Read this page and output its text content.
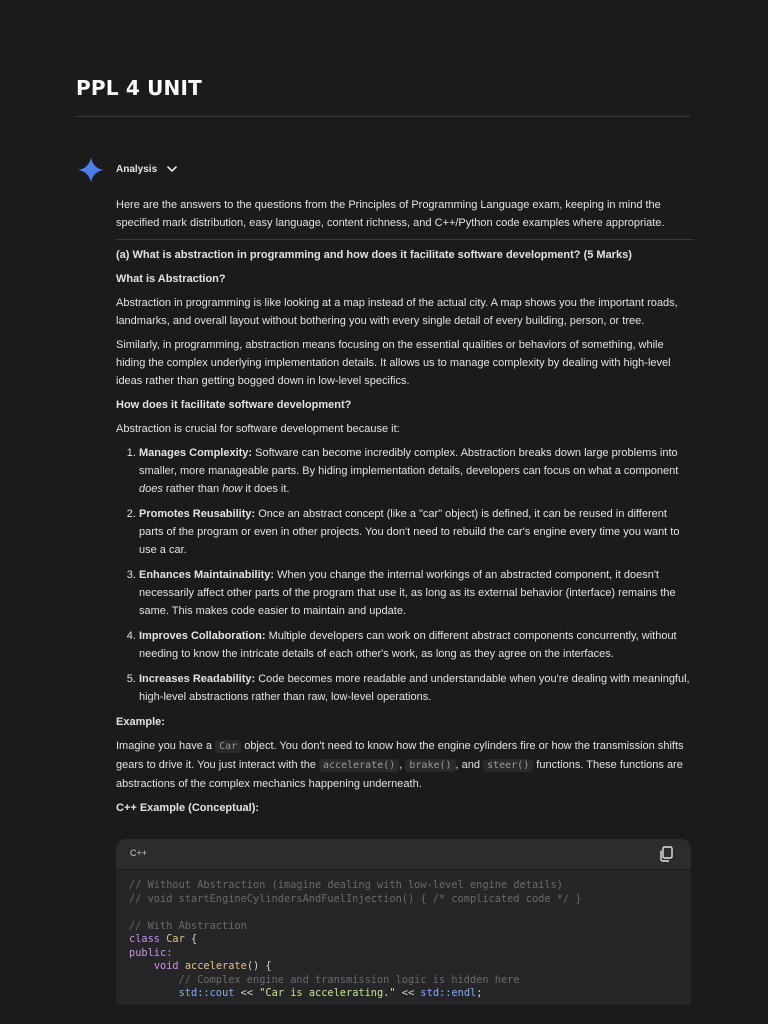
PPL 4 UNIT
Analysis

Here are the answers to the questions from the Principles of Programming Language exam, keeping in mind the specified mark distribution, easy language, content richness, and C++/Python code examples where appropriate.

(a) What is abstraction in programming and how does it facilitate software development? (5 Marks)
What is Abstraction?

Abstraction in programming is like looking at a map instead of the actual city. A map shows you the important roads, landmarks, and overall layout without bothering you with every single detail of every building, person, or tree.

Similarly, in programming, abstraction means focusing on the essential qualities or behaviors of something, while hiding the complex underlying implementation details. It allows us to manage complexity by dealing with high-level ideas rather than getting bogged down in low-level specifics.

How does it facilitate software development?

Abstraction is crucial for software development because it:

1. Manages Complexity: Software can become incredibly complex. Abstraction breaks down large problems into smaller, more manageable parts. By hiding implementation details, developers can focus on what a component does rather than how it does it.
2. Promotes Reusability: Once an abstract concept (like a "car" object) is defined, it can be reused in different parts of the program or even in other projects. You don't need to rebuild the car's engine every time you want to use a car.
3. Enhances Maintainability: When you change the internal workings of an abstracted component, it doesn't necessarily affect other parts of the program that use it, as long as its external behavior (interface) remains the same. This makes code easier to maintain and update.
4. Improves Collaboration: Multiple developers can work on different abstract components concurrently, without needing to know the intricate details of each other's work, as long as they agree on the interfaces.
5. Increases Readability: Code becomes more readable and understandable when you're dealing with meaningful, high-level abstractions rather than raw, low-level operations.
Example:

Imagine you have a Car object. You don't need to know how the engine cylinders fire or how the transmission shifts gears to drive it. You just interact with the accelerate() , brake() , and steer() functions. These functions are abstractions of the complex mechanics happening underneath.

C++ Example (Conceptual):
C++
// Without Abstraction (imagine dealing with low-level engine details)
// void startEngineCylindersAndFuelInjection() { /* complicated code */ }

// With Abstraction
class Car {
public:
void accelerate() {
// Complex engine and transmission logic is hidden here
std::cout << "Car is accelerating." << std::endl;
